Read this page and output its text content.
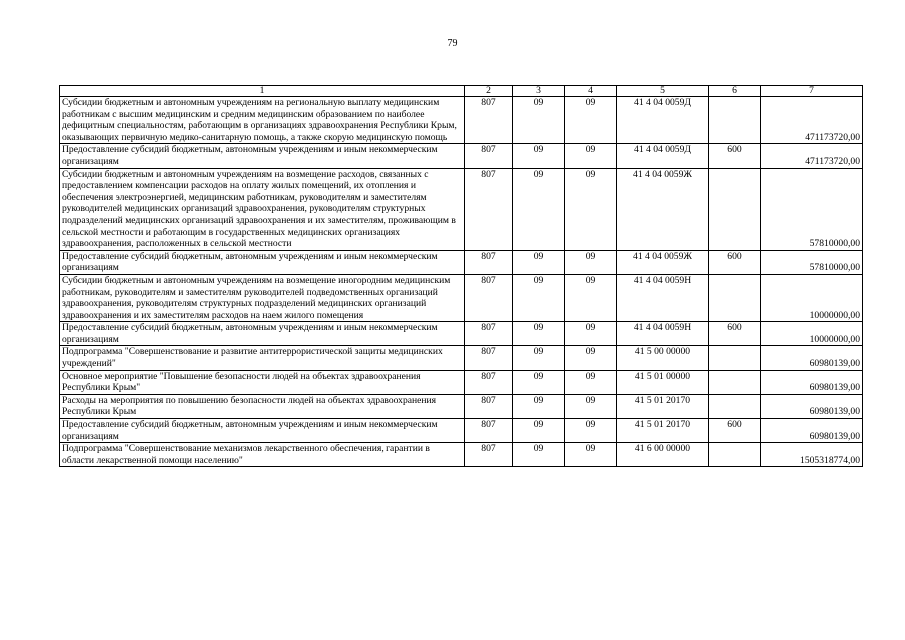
79
1	2	3	4	5	6	7
Субсидии бюджетным и автономным учреждениям на региональную выплату медицинским работникам с высшим медицинским и средним медицинским образованием по наиболее дефицитным специальностям, работающим в организациях здравоохранения Республики Крым, оказывающих первичную медико-санитарную помощь, а также скорую медицинскую помощь	807	09	09	41 4 04 0059Д		471173720,00
Предоставление субсидий бюджетным, автономным учреждениям и иным некоммерческим организациям	807	09	09	41 4 04 0059Д	600	471173720,00
Субсидии бюджетным и автономным учреждениям на возмещение расходов, связанных с предоставлением компенсации расходов на оплату жилых помещений, их отопления и обеспечения электроэнергией, медицинским работникам, руководителям и заместителям руководителей медицинских организаций здравоохранения, руководителям структурных подразделений медицинских организаций здравоохранения и их заместителям, проживающим в сельской местности и работающим в государственных медицинских организациях здравоохранения, расположенных в сельской местности	807	09	09	41 4 04 0059Ж		57810000,00
Предоставление субсидий бюджетным, автономным учреждениям и иным некоммерческим организациям	807	09	09	41 4 04 0059Ж	600	57810000,00
Субсидии бюджетным и автономным учреждениям на возмещение иногородним медицинским работникам, руководителям и заместителям руководителей подведомственных организаций здравоохранения, руководителям структурных подразделений медицинских организаций здравоохранения и их заместителям расходов на наем жилого помещения	807	09	09	41 4 04 0059Н		10000000,00
Предоставление субсидий бюджетным, автономным учреждениям и иным некоммерческим организациям	807	09	09	41 4 04 0059Н	600	10000000,00
Подпрограмма "Совершенствование и развитие антитеррористической защиты медицинских учреждений"	807	09	09	41 5 00 00000		60980139,00
Основное мероприятие "Повышение безопасности людей на объектах здравоохранения Республики Крым"	807	09	09	41 5 01 00000		60980139,00
Расходы на мероприятия по повышению безопасности людей на объектах здравоохранения Республики Крым	807	09	09	41 5 01 20170		60980139,00
Предоставление субсидий бюджетным, автономным учреждениям и иным некоммерческим организациям	807	09	09	41 5 01 20170	600	60980139,00
Подпрограмма "Совершенствование механизмов лекарственного обеспечения, гарантии в области лекарственной помощи населению"	807	09	09	41 6 00 00000		1505318774,00
